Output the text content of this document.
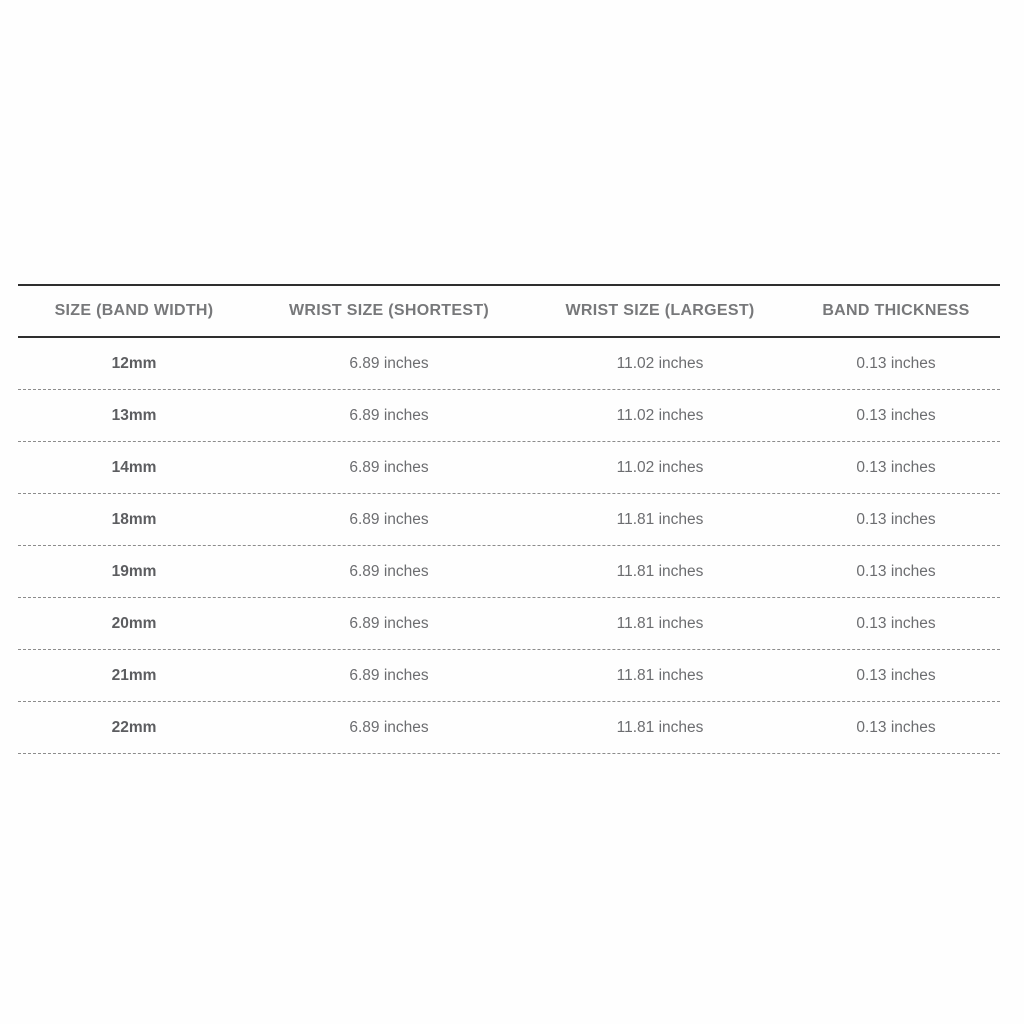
SIZE (BAND WIDTH)	WRIST SIZE (SHORTEST)	WRIST SIZE (LARGEST)	BAND THICKNESS
12mm	6.89 inches	11.02 inches	0.13 inches
13mm	6.89 inches	11.02 inches	0.13 inches
14mm	6.89 inches	11.02 inches	0.13 inches
18mm	6.89 inches	11.81 inches	0.13 inches
19mm	6.89 inches	11.81 inches	0.13 inches
20mm	6.89 inches	11.81 inches	0.13 inches
21mm	6.89 inches	11.81 inches	0.13 inches
22mm	6.89 inches	11.81 inches	0.13 inches
